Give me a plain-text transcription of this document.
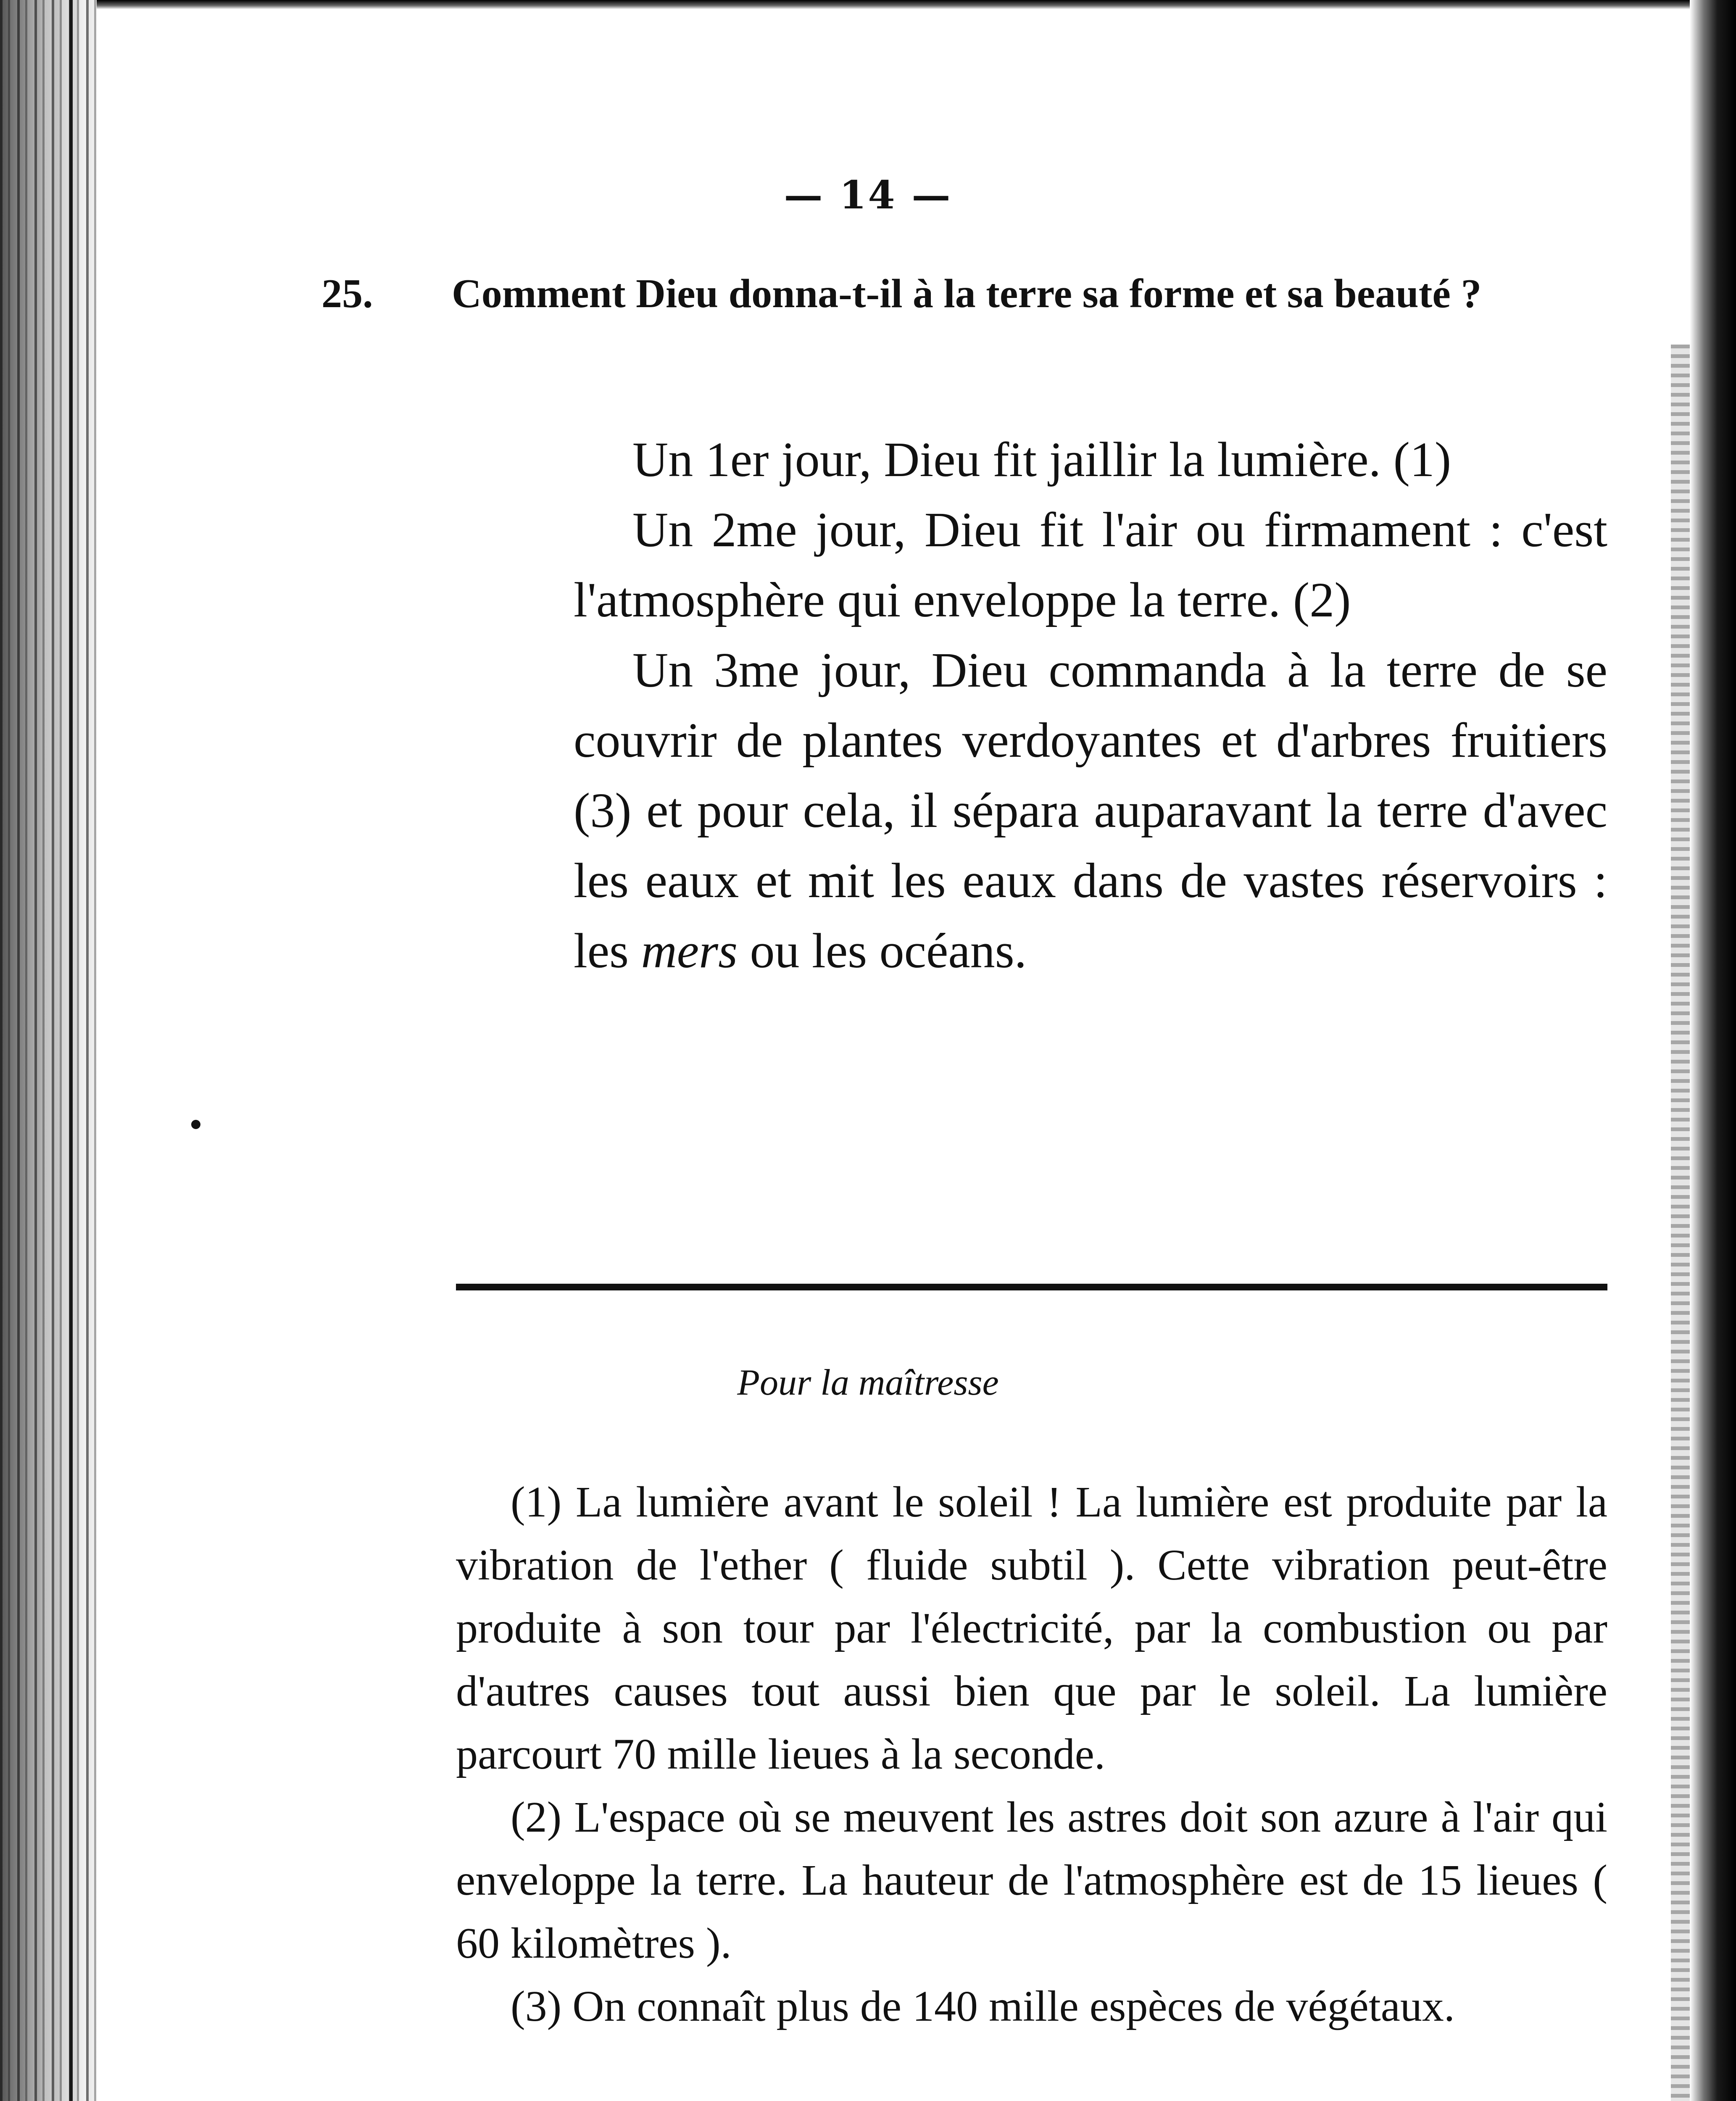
— 14 —
25. Comment Dieu donna-t-il à la terre sa forme et sa beauté ?

Un 1er jour, Dieu fit jaillir la lumière. (1)

Un 2me jour, Dieu fit l'air ou firmament : c'est l'atmosphère qui enveloppe la terre. (2)

Un 3me jour, Dieu commanda à la terre de se couvrir de plantes verdoyantes et d'arbres fruitiers (3) et pour cela, il sépara auparavant la terre d'avec les eaux et mit les eaux dans de vastes réservoirs : les mers ou les océans.

Pour la maîtresse

(1) La lumière avant le soleil ! La lumière est produite par la vibration de l'ether ( fluide subtil ). Cette vibration peut-être produite à son tour par l'électricité, par la combustion ou par d'autres causes tout aussi bien que par le soleil. La lumière parcourt 70 mille lieues à la seconde.

(2) L'espace où se meuvent les astres doit son azure à l'air qui enveloppe la terre. La hauteur de l'atmosphère est de 15 lieues ( 60 kilomètres ).

(3) On connaît plus de 140 mille espèces de végétaux.
